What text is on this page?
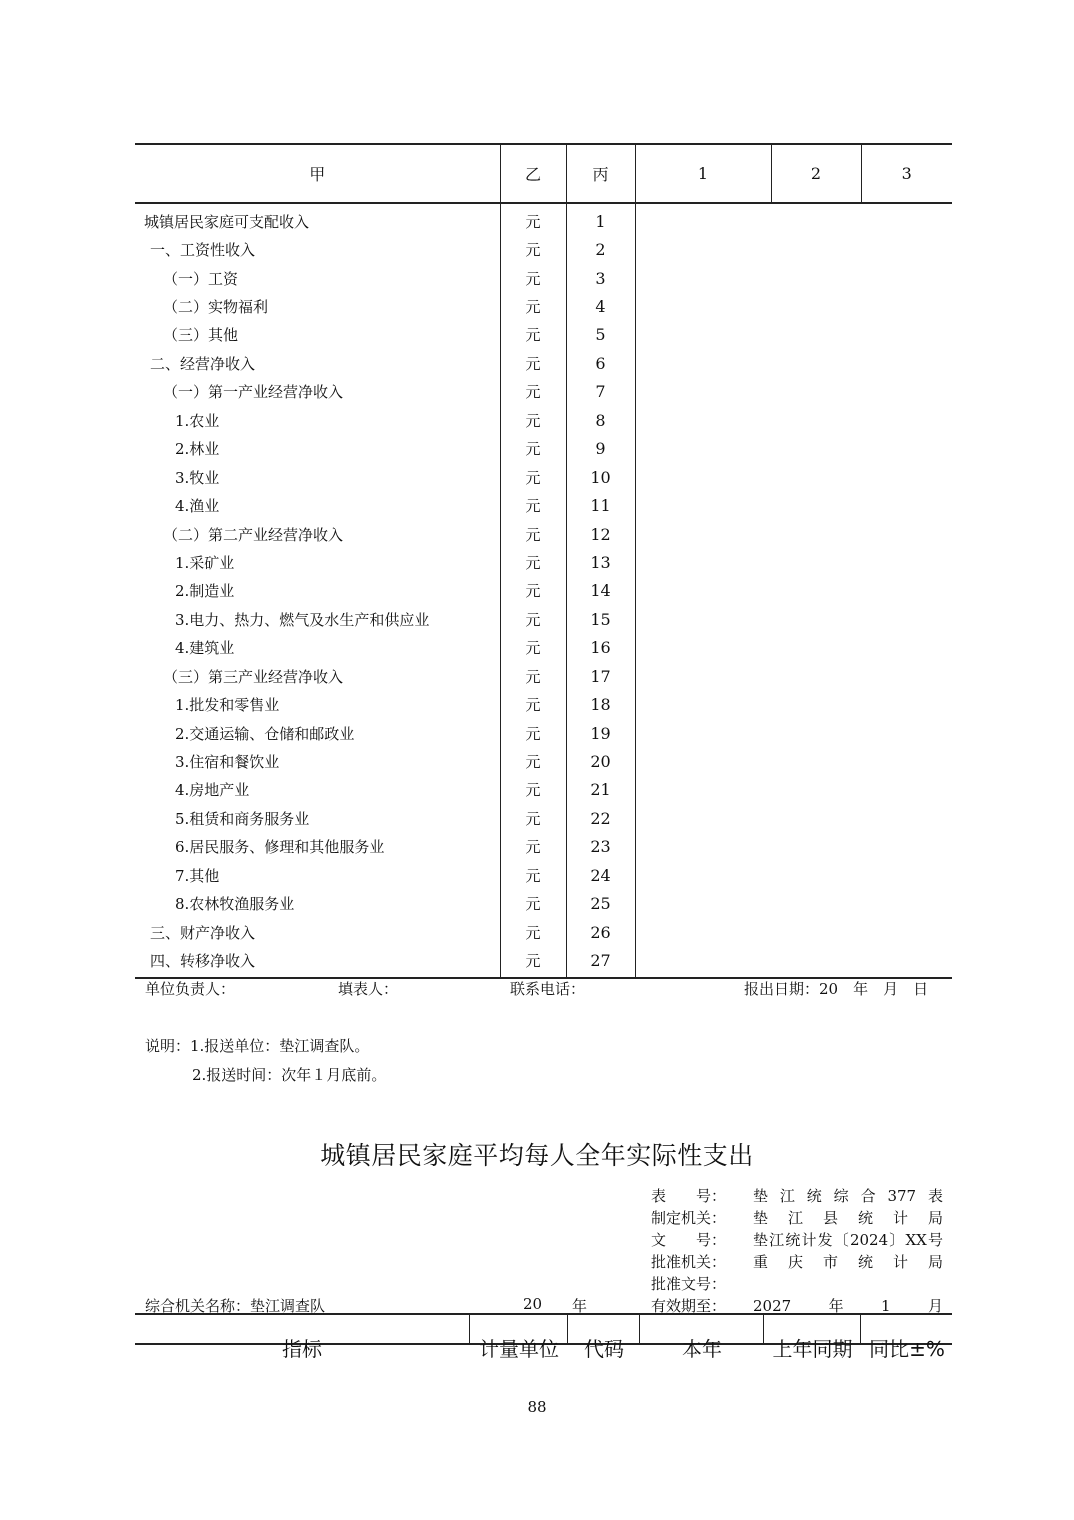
甲	乙	丙	1	2	3
城镇居民家庭可支配收入	元	1			
一、工资性收入	元	2			
（一）工资	元	3			
（二）实物福利	元	4			
（三）其他	元	5			
二、经营净收入	元	6			
（一）第一产业经营净收入	元	7			
1.农业	元	8			
2.林业	元	9			
3.牧业	元	10			
4.渔业	元	11			
（二）第二产业经营净收入	元	12			
1.采矿业	元	13			
2.制造业	元	14			
3.电力、热力、燃气及水生产和供应业	元	15			
4.建筑业	元	16			
（三）第三产业经营净收入	元	17			
1.批发和零售业	元	18			
2.交通运输、仓储和邮政业	元	19			
3.住宿和餐饮业	元	20			
4.房地产业	元	21			
5.租赁和商务服务业	元	22			
6.居民服务、修理和其他服务业	元	23			
7.其他	元	24			
8.农林牧渔服务业	元	25			
三、财产净收入	元	26			
四、转移净收入	元	27			
单位负责人：	填表人：	联系电话：	报出日期：20　年　月　日
说明：1.报送单位：垫江调查队。
2.报送时间：次年１月底前。
城镇居民家庭平均每人全年实际性支出
表　　号： 垫江统综合377表
制定机关： 垫江县统计局
文　　号： 垫江统计发〔2024〕XX号
批准机关： 重庆市统计局
批准文号：
有效期至： 2027年1月
综合机关名称：垫江调查队	20 年
指标	计量单位	代码	本年	上年同期 同比±%
88
